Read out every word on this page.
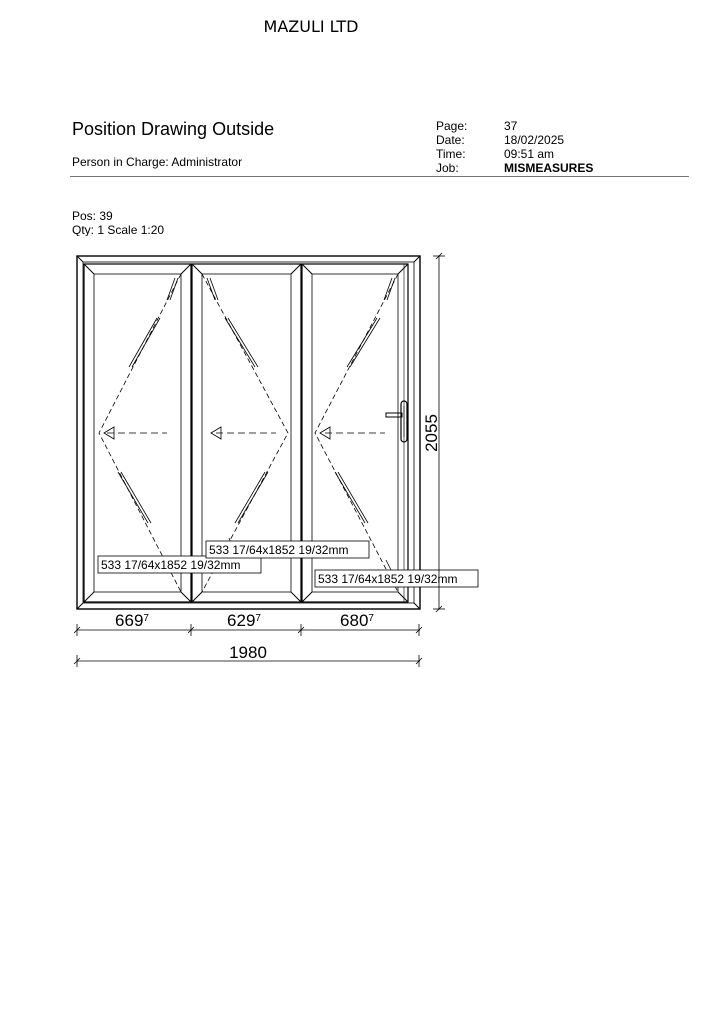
MAZULI LTD
Position Drawing Outside
Person in Charge: Administrator
Page:	37
Date:	18/02/2025
Time:	09:51 am
Job:	MISMEASURES
Pos: 39
Qty: 1 Scale 1:20
533 17/64x1852 19/32mm
533 17/64x1852 19/32mm
533 17/64x1852 19/32mm
2055
$669^7$	$629^7$	$680^7$
1980
